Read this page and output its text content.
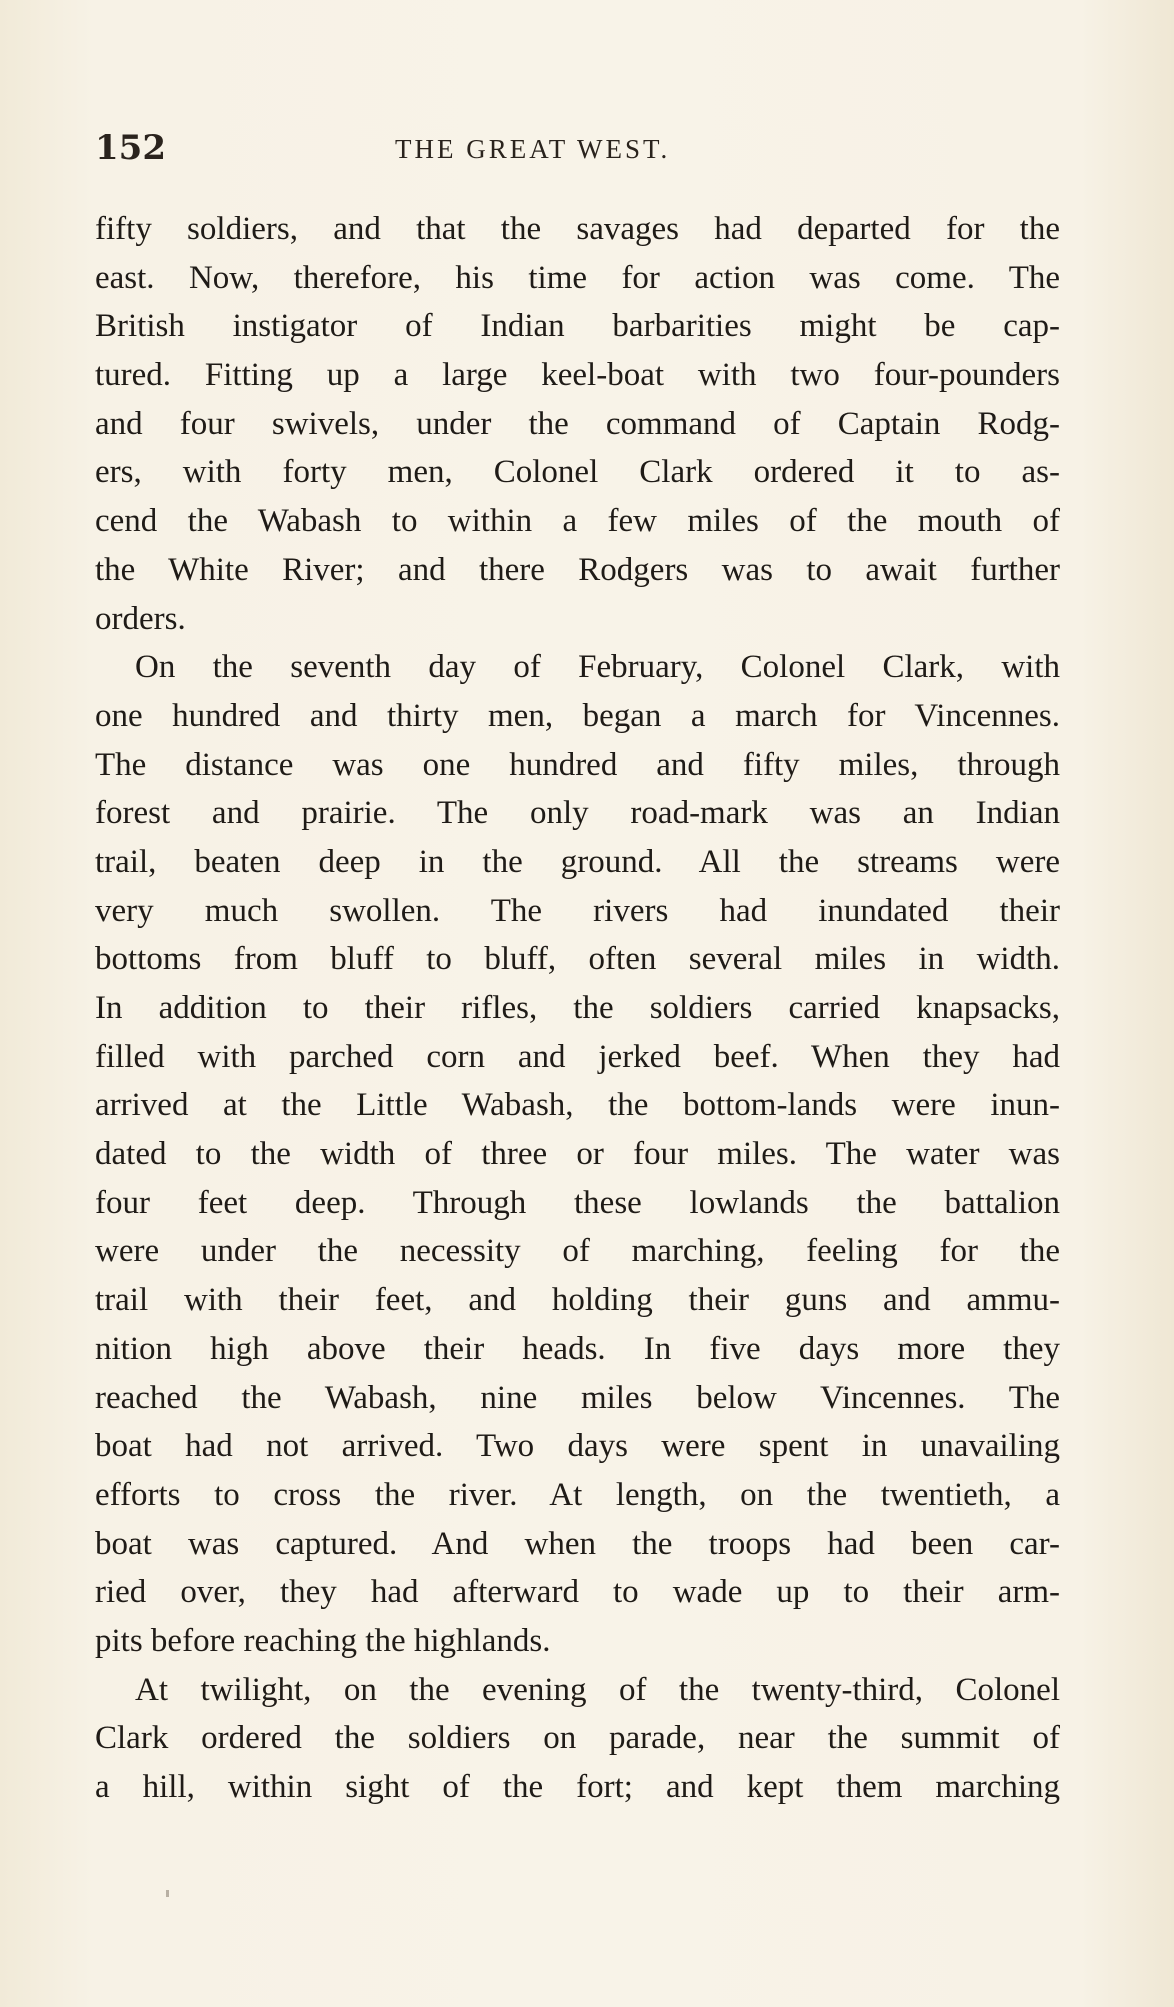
152	THE GREAT WEST.
fifty soldiers, and that the savages had departed for the
east. Now, therefore, his time for action was come. The
British instigator of Indian barbarities might be cap-
tured. Fitting up a large keel-boat with two four-pounders
and four swivels, under the command of Captain Rodg-
ers, with forty men, Colonel Clark ordered it to as-
cend the Wabash to within a few miles of the mouth of
the White River; and there Rodgers was to await further
orders.
On the seventh day of February, Colonel Clark, with
one hundred and thirty men, began a march for Vincennes.
The distance was one hundred and fifty miles, through
forest and prairie. The only road-mark was an Indian
trail, beaten deep in the ground. All the streams were
very much swollen. The rivers had inundated their
bottoms from bluff to bluff, often several miles in width.
In addition to their rifles, the soldiers carried knapsacks,
filled with parched corn and jerked beef. When they had
arrived at the Little Wabash, the bottom-lands were inun-
dated to the width of three or four miles. The water was
four feet deep. Through these lowlands the battalion
were under the necessity of marching, feeling for the
trail with their feet, and holding their guns and ammu-
nition high above their heads. In five days more they
reached the Wabash, nine miles below Vincennes. The
boat had not arrived. Two days were spent in unavailing
efforts to cross the river. At length, on the twentieth, a
boat was captured. And when the troops had been car-
ried over, they had afterward to wade up to their arm-
pits before reaching the highlands.
At twilight, on the evening of the twenty-third, Colonel
Clark ordered the soldiers on parade, near the summit of
a hill, within sight of the fort; and kept them marching
